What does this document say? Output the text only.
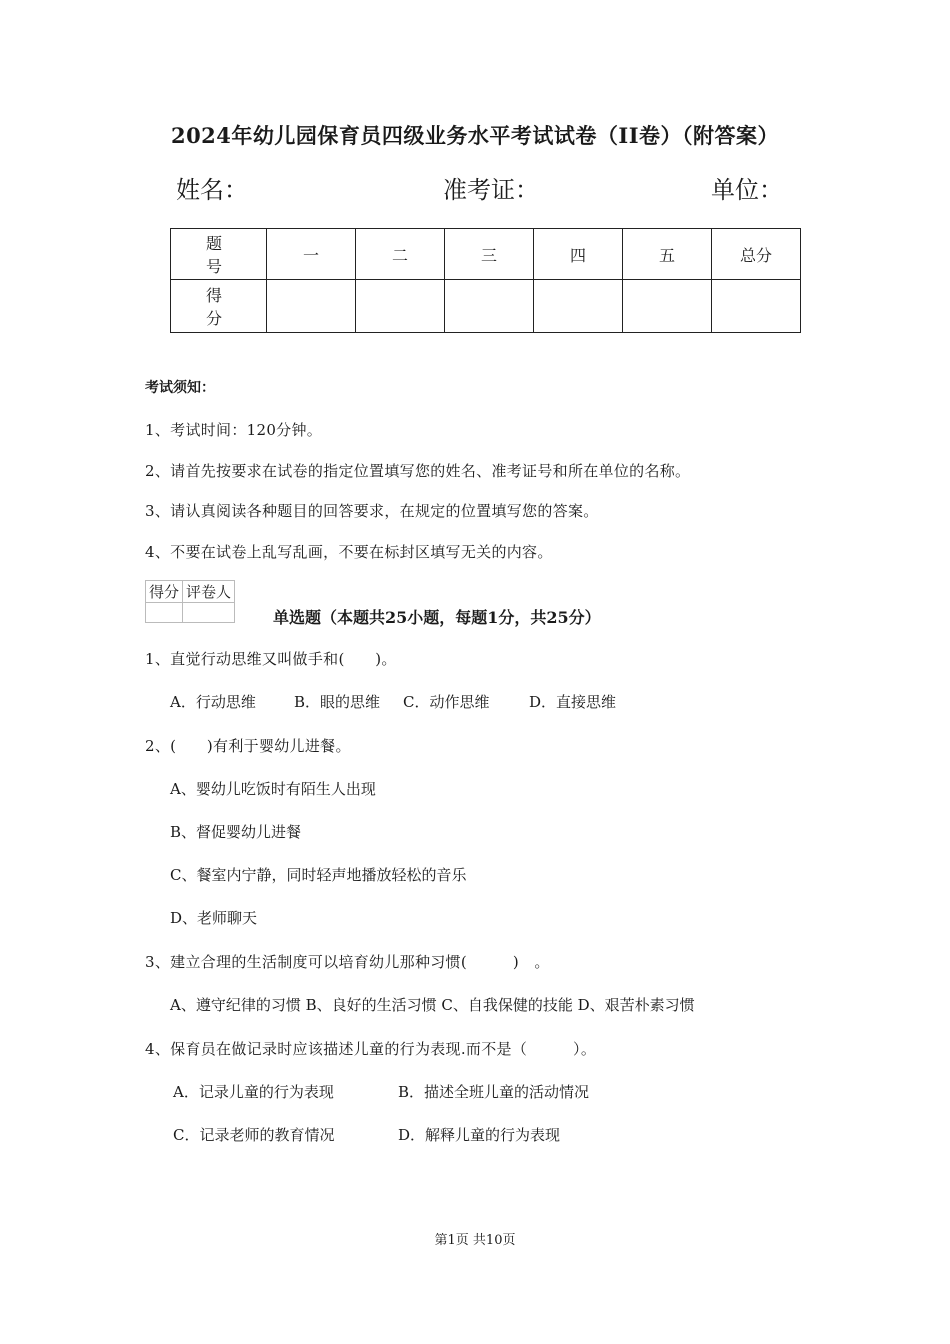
2024年幼儿园保育员四级业务水平考试试卷（II卷）（附答案）
姓名：	准考证：	单位：
题　号	一	二	三	四	五	总分
得　分						
考试须知：
1、考试时间：120分钟。
2、请首先按要求在试卷的指定位置填写您的姓名、准考证号和所在单位的名称。
3、请认真阅读各种题目的回答要求，在规定的位置填写您的答案。
4、不要在试卷上乱写乱画，不要在标封区填写无关的内容。
得分	评卷人

单选题（本题共25小题，每题1分，共25分）
1、直觉行动思维又叫做手和(　　)。
A．行动思维	B．眼的思维 C．动作思维	D．直接思维
2、(　　)有利于婴幼儿进餐。
A、婴幼儿吃饭时有陌生人出现
B、督促婴幼儿进餐
C、餐室内宁静，同时轻声地播放轻松的音乐
D、老师聊天
3、建立合理的生活制度可以培育幼儿那种习惯(　　　)　。
A、遵守纪律的习惯 B、良好的生活习惯 C、自我保健的技能 D、艰苦朴素习惯
4、保育员在做记录时应该描述儿童的行为表现.而不是（　　　）。
A．记录儿童的行为表现	B．描述全班儿童的活动情况
C．记录老师的教育情况	D．解释儿童的行为表现
第1页 共10页
